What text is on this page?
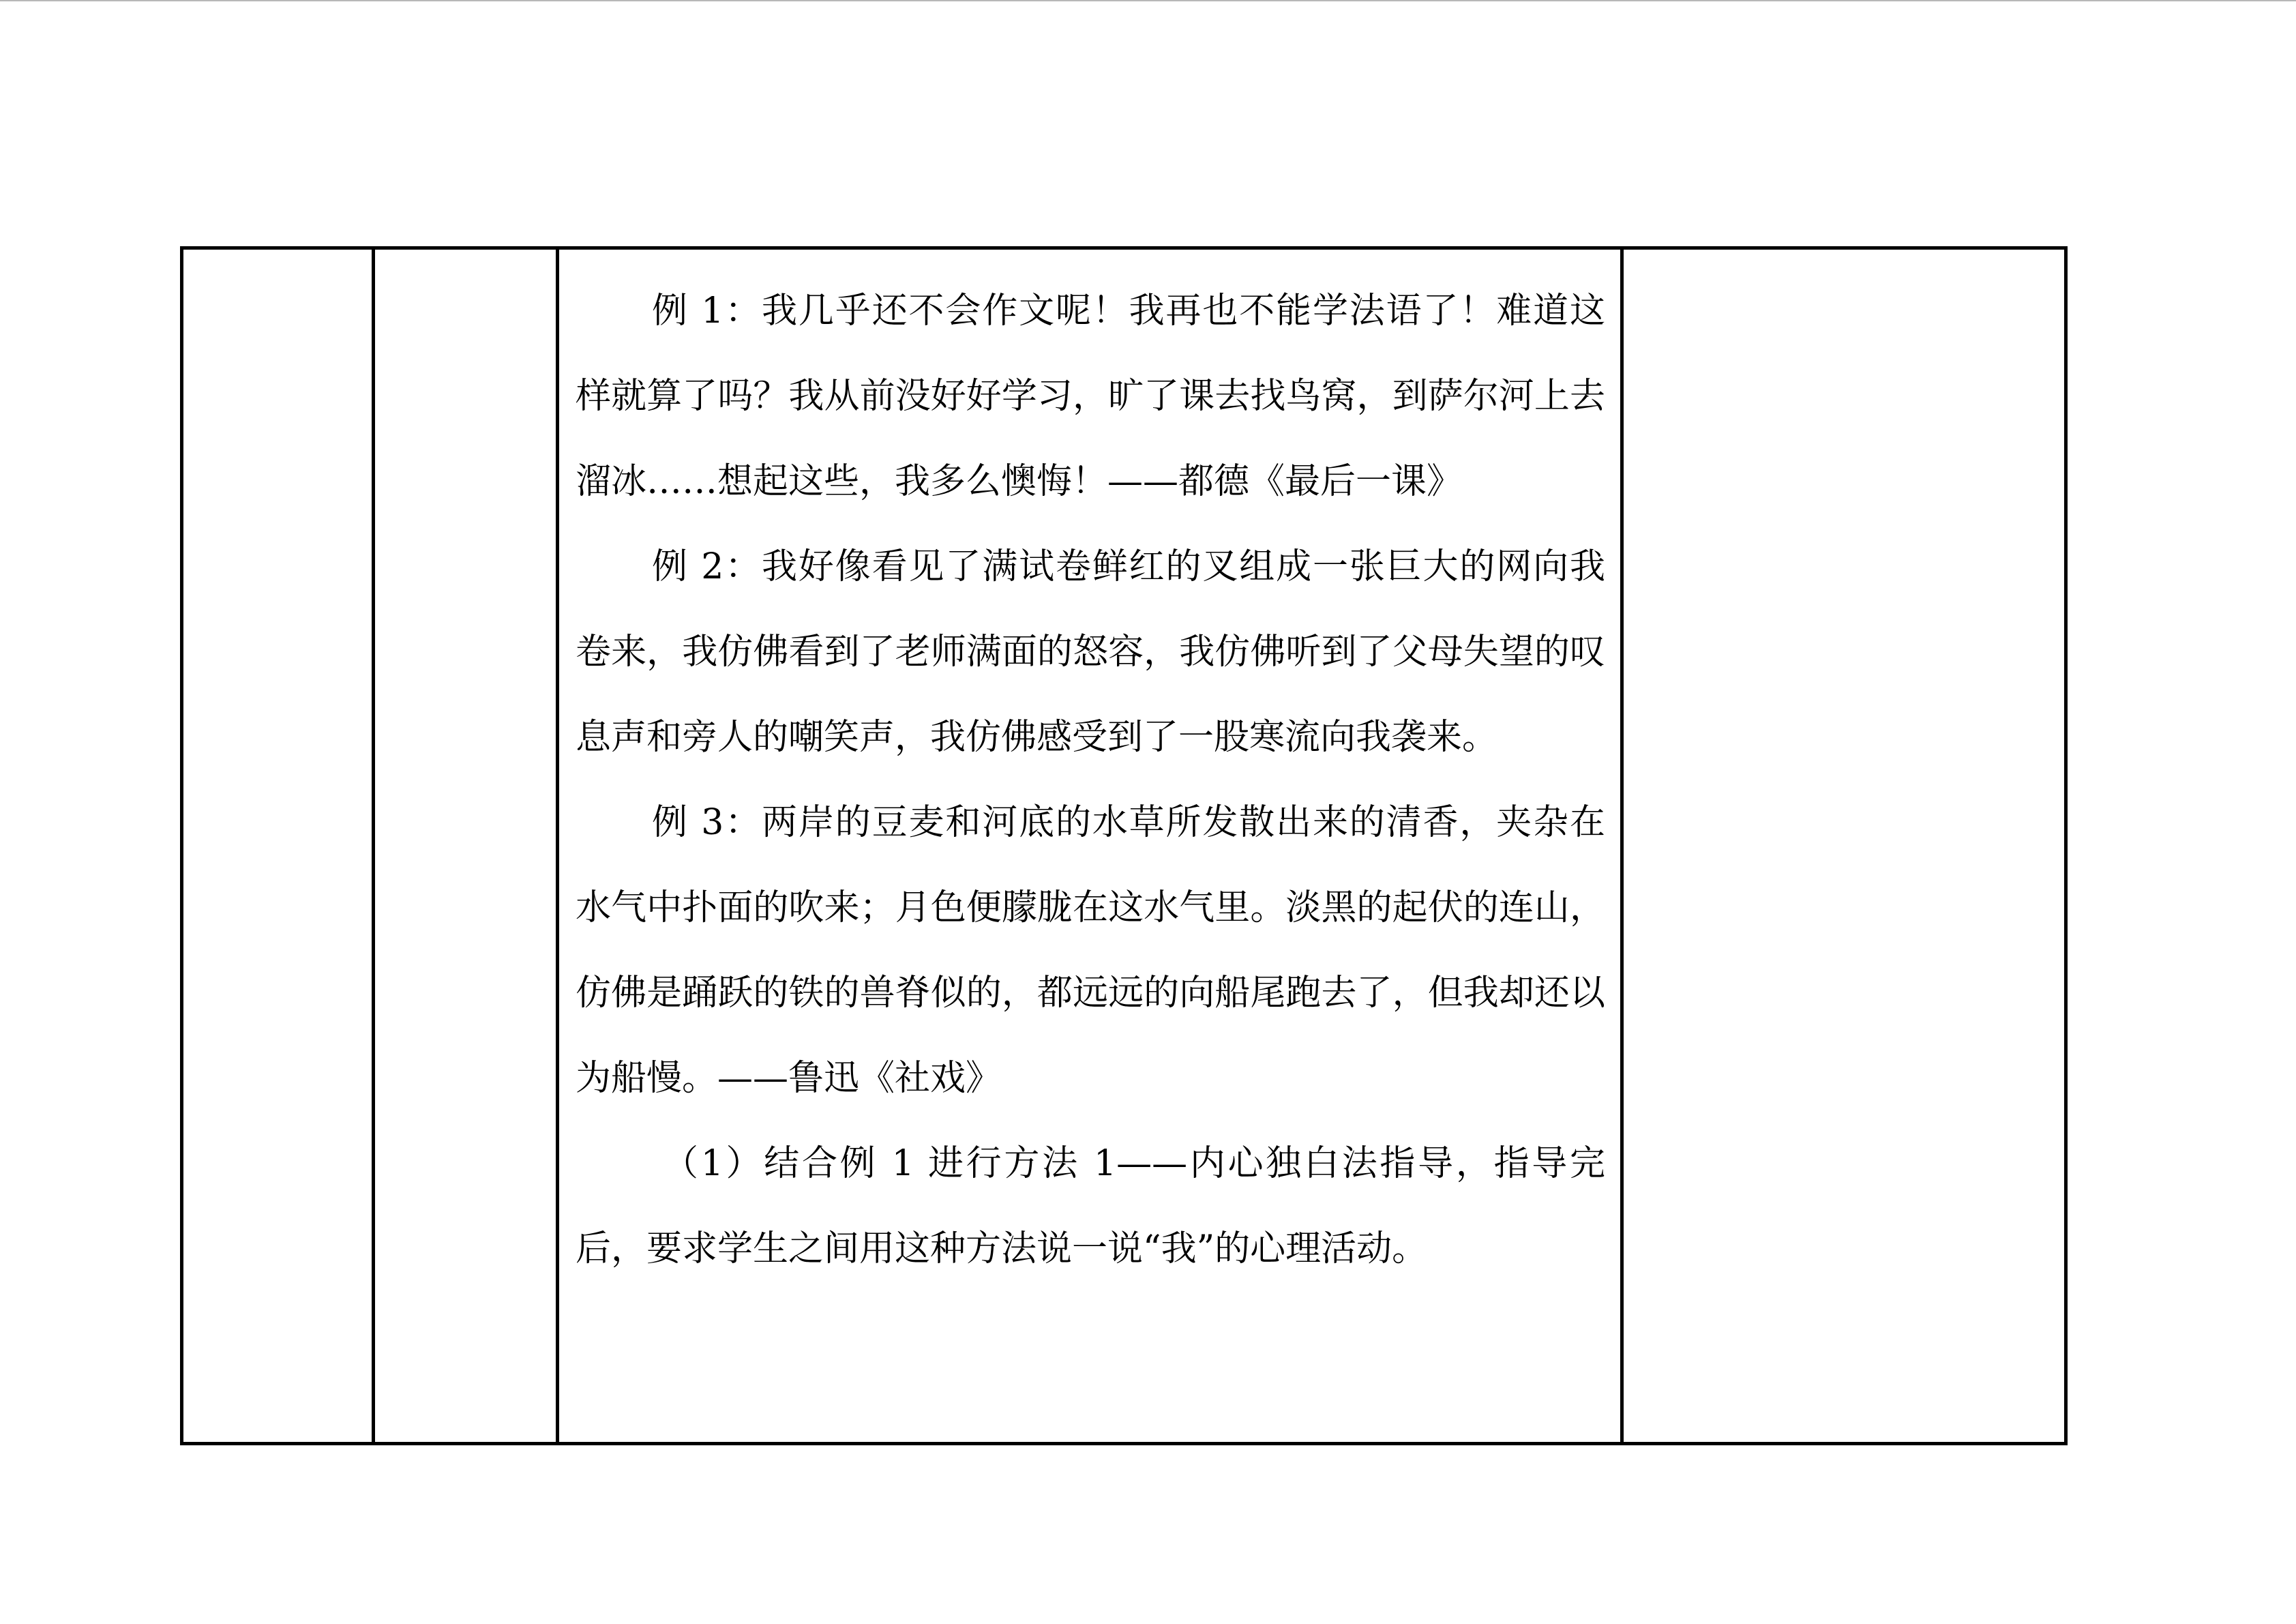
例 1：我几乎还不会作文呢！我再也不能学法语了！难道这样就算了吗？我从前没好好学习，旷了课去找鸟窝，到萨尔河上去溜冰……想起这些，我多么懊悔！——都德《最后一课》

例 2：我好像看见了满试卷鲜红的叉组成一张巨大的网向我卷来，我仿佛看到了老师满面的怒容，我仿佛听到了父母失望的叹息声和旁人的嘲笑声，我仿佛感受到了一股寒流向我袭来。

例 3：两岸的豆麦和河底的水草所发散出来的清香，夹杂在水气中扑面的吹来；月色便朦胧在这水气里。淡黑的起伏的连山，仿佛是踊跃的铁的兽脊似的，都远远的向船尾跑去了，但我却还以为船慢。——鲁迅《社戏》

（1）结合例 1 进行方法 1——内心独白法指导，指导完后，要求学生之间用这种方法说一说“我”的心理活动。
